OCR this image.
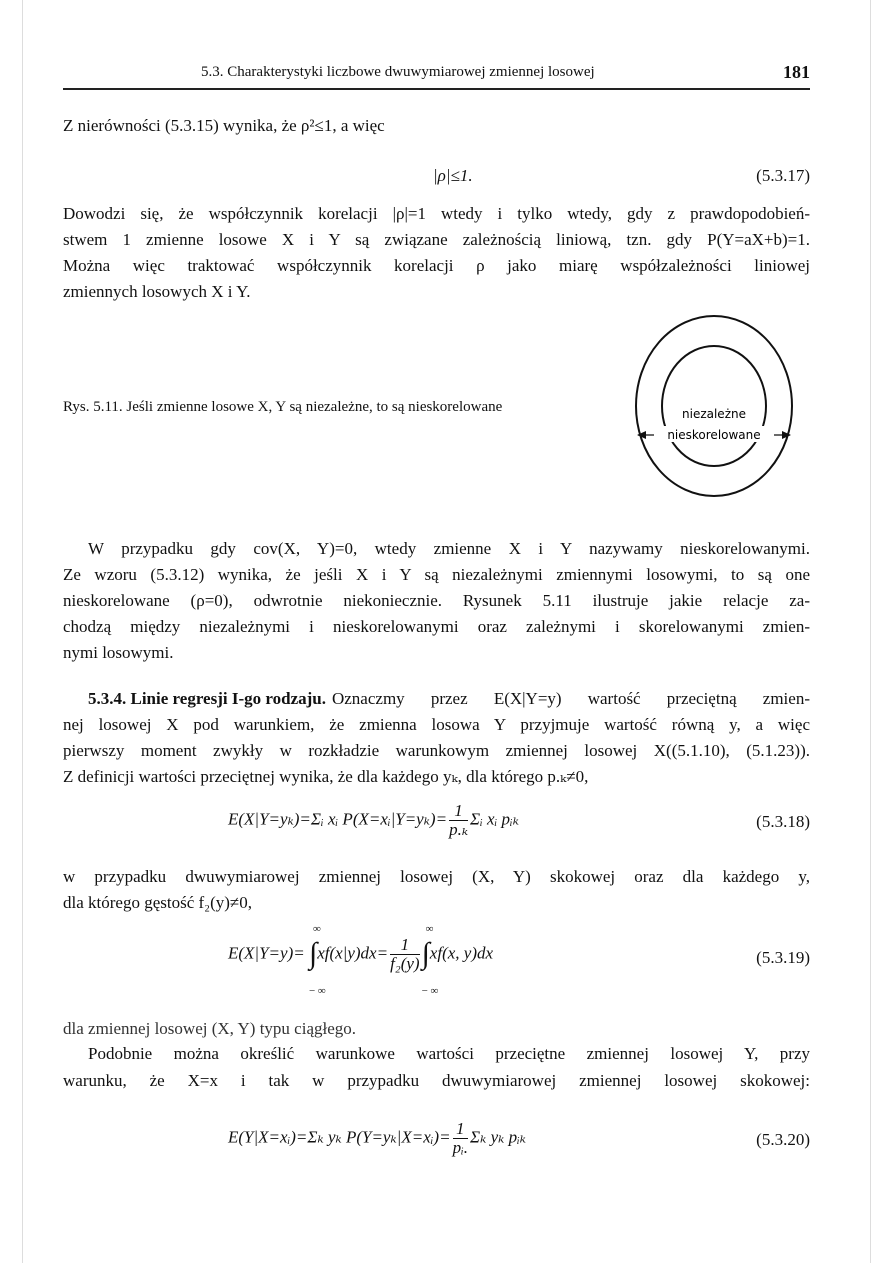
5.3. Charakterystyki liczbowe dwuwymiarowej zmiennej losowej	181
Z nierówności (5.3.15) wynika, że ρ²≤1, a więc
|ρ|≤1.	(5.3.17)
Dowodzi się, że współczynnik korelacji |ρ|=1 wtedy i tylko wtedy, gdy z prawdopodobień-
stwem 1 zmienne losowe X i Y są związane zależnością liniową, tzn. gdy P(Y=aX+b)=1.
Można więc traktować współczynnik korelacji ρ jako miarę współzależności liniowej
zmiennych losowych X i Y.
Rys. 5.11. Jeśli zmienne losowe X, Y są niezależne, to są nieskorelowane	niezależne
nieskorelowane
W przypadku gdy cov(X, Y)=0, wtedy zmienne X i Y nazywamy nieskorelowanymi.
Ze wzoru (5.3.12) wynika, że jeśli X i Y są niezależnymi zmiennymi losowymi, to są one
nieskorelowane (ρ=0), odwrotnie niekoniecznie. Rysunek 5.11 ilustruje jakie relacje za-
chodzą między niezależnymi i nieskorelowanymi oraz zależnymi i skorelowanymi zmien-
nymi losowymi.
5.3.4. Linie regresji I-go rodzaju. Oznaczmy przez E(X|Y=y) wartość przeciętną zmien-
nej losowej X pod warunkiem, że zmienna losowa Y przyjmuje wartość równą y, a więc
pierwszy moment zwykły w rozkładzie warunkowym zmiennej losowej X((5.1.10), (5.1.23)).
Z definicji wartości przeciętnej wynika, że dla każdego yₖ, dla którego p.ₖ≠0,
E(X|Y=yₖ)=Σᵢ xᵢ P(X=xᵢ|Y=yₖ)= $\frac{1}{\text{p.ₖ}}$ Σᵢ xᵢ pᵢₖ	(5.3.18)
w przypadku dwuwymiarowej zmiennej losowej (X, Y) skokowej oraz dla każdego y,
dla którego gęstość f₂(y)≠0,
E(X|Y=y)=
∞
∫
− ∞
$xf(x|y)dx= \frac{1}{\text{f₂(y)}}$
∞
∫
− ∞
xf(x, y)dx	(5.3.19)
dla zmiennej losowej (X, Y) typu ciągłego.
Podobnie można określić warunkowe wartości przeciętne zmiennej losowej Y, przy
warunku, że X=x i tak w przypadku dwuwymiarowej zmiennej losowej skokowej:
E(Y|X=xᵢ)=Σₖ yₖ P(Y=yₖ|X=xᵢ)= $\frac{1}{\text{pᵢ.}}$ Σₖ yₖ pᵢₖ	(5.3.20)
